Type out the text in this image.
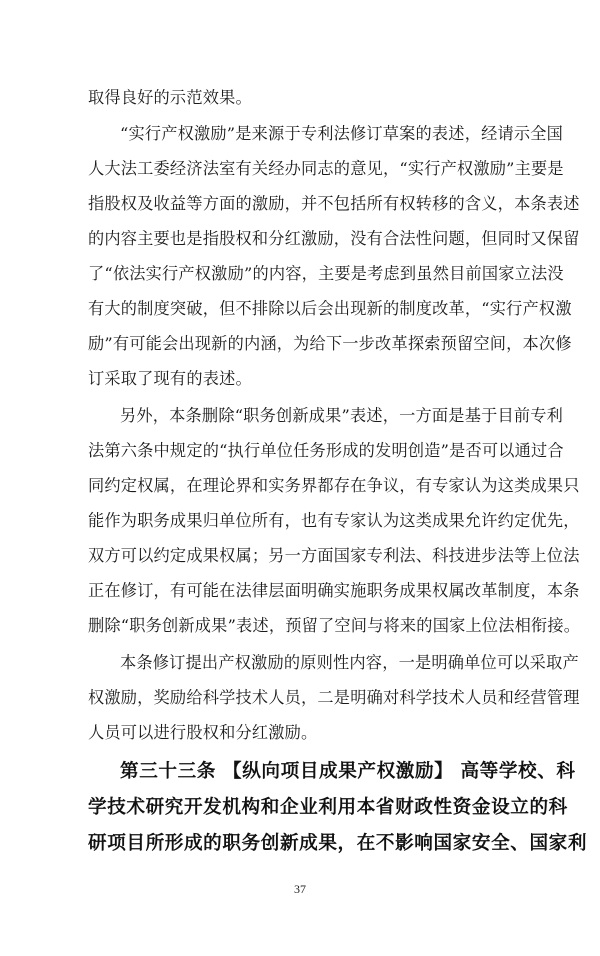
取得良好的示范效果。
“实行产权激励”是来源于专利法修订草案的表述，经请示全国
人大法工委经济法室有关经办同志的意见，“实行产权激励”主要是
指股权及收益等方面的激励，并不包括所有权转移的含义，本条表述
的内容主要也是指股权和分红激励，没有合法性问题，但同时又保留
了“依法实行产权激励”的内容，主要是考虑到虽然目前国家立法没
有大的制度突破，但不排除以后会出现新的制度改革，“实行产权激
励”有可能会出现新的内涵，为给下一步改革探索预留空间，本次修
订采取了现有的表述。
另外，本条删除“职务创新成果”表述，一方面是基于目前专利
法第六条中规定的“执行单位任务形成的发明创造”是否可以通过合
同约定权属，在理论界和实务界都存在争议，有专家认为这类成果只
能作为职务成果归单位所有，也有专家认为这类成果允许约定优先，
双方可以约定成果权属；另一方面国家专利法、科技进步法等上位法
正在修订，有可能在法律层面明确实施职务成果权属改革制度，本条
删除“职务创新成果”表述，预留了空间与将来的国家上位法相衔接。
本条修订提出产权激励的原则性内容，一是明确单位可以采取产
权激励，奖励给科学技术人员，二是明确对科学技术人员和经营管理
人员可以进行股权和分红激励。
第三十三条 【纵向项目成果产权激励】 高等学校、科
学技术研究开发机构和企业利用本省财政性资金设立的科
研项目所形成的职务创新成果，在不影响国家安全、国家利
37
